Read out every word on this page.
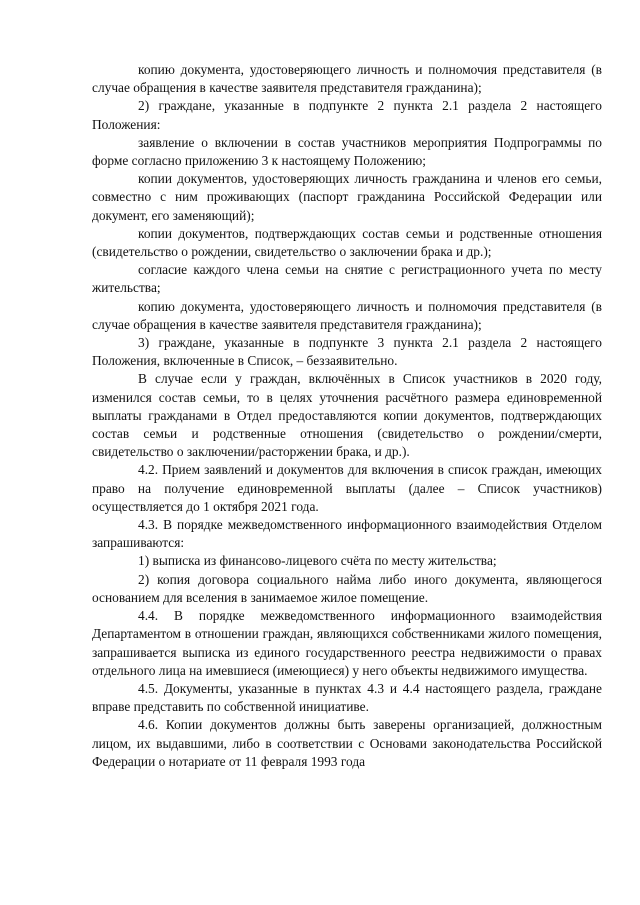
копию документа, удостоверяющего личность и полномочия представителя (в случае обращения в качестве заявителя представителя гражданина);

2) граждане, указанные в подпункте 2 пункта 2.1 раздела 2 настоящего Положения:

заявление о включении в состав участников мероприятия Подпрограммы по форме согласно приложению 3 к настоящему Положению;

копии документов, удостоверяющих личность гражданина и членов его семьи, совместно с ним проживающих (паспорт гражданина Российской Федерации или документ, его заменяющий);

копии документов, подтверждающих состав семьи и родственные отношения (свидетельство о рождении, свидетельство о заключении брака и др.);

согласие каждого члена семьи на снятие с регистрационного учета по месту жительства;

копию документа, удостоверяющего личность и полномочия представителя (в случае обращения в качестве заявителя представителя гражданина);

3) граждане, указанные в подпункте 3 пункта 2.1 раздела 2 настоящего Положения, включенные в Список, – беззаявительно.

В случае если у граждан, включённых в Список участников в 2020 году, изменился состав семьи, то в целях уточнения расчётного размера единовременной выплаты гражданами в Отдел предоставляются копии документов, подтверждающих состав семьи и родственные отношения (свидетельство о рождении/смерти, свидетельство о заключении/расторжении брака, и др.).

4.2. Прием заявлений и документов для включения в список граждан, имеющих право на получение единовременной выплаты (далее – Список участников) осуществляется до 1 октября 2021 года.

4.3. В порядке межведомственного информационного взаимодействия Отделом запрашиваются:

1) выписка из финансово-лицевого счёта по месту жительства;

2) копия договора социального найма либо иного документа, являющегося основанием для вселения в занимаемое жилое помещение.

4.4. В порядке межведомственного информационного взаимодействия Департаментом в отношении граждан, являющихся собственниками жилого помещения, запрашивается выписка из единого государственного реестра недвижимости о правах отдельного лица на имевшиеся (имеющиеся) у него объекты недвижимого имущества.

4.5. Документы, указанные в пунктах 4.3 и 4.4 настоящего раздела, граждане вправе представить по собственной инициативе.

4.6. Копии документов должны быть заверены организацией, должностным лицом, их выдавшими, либо в соответствии с Основами законодательства Российской Федерации о нотариате от 11 февраля 1993 года
